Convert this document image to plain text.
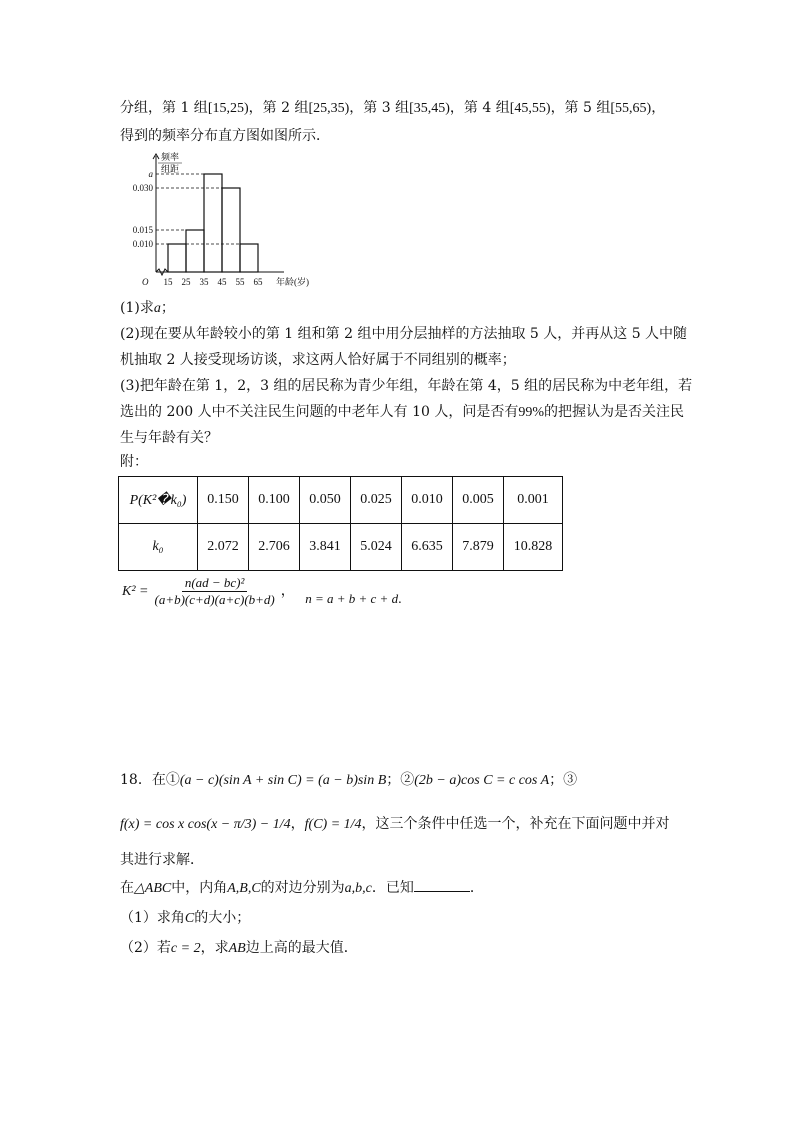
分组，第 1 组[15,25)，第 2 组[25,35)，第 3 组[35,45)，第 4 组[45,55)，第 5 组[55,65)，
得到的频率分布直方图如图所示．
a
0.030
0.015
0.010
15 25 35 45 55 65
O	年龄(岁)
频率
组距
(1)求a；
(2)现在要从年龄较小的第 1 组和第 2 组中用分层抽样的方法抽取 5 人，并再从这 5 人中随
机抽取 2 人接受现场访谈，求这两人恰好属于不同组别的概率；
(3)把年龄在第 1，2，3 组的居民称为青少年组，年龄在第 4，5 组的居民称为中老年组，若
选出的 200 人中不关注民生问题的中老年人有 10 人，问是否有99%的把握认为是否关注民
生与年龄有关？
附：
P(K²�k₀)	0.150	0.100	0.050	0.025	0.010	0.005	0.001
k₀	2.072	2.706	3.841	5.024	6.635	7.879	10.828
$K^2 = \frac{\text{n(ad − bc)²}}{(a+b)(c+d)(a+c)(b+d)}$ ， n = a + b + c + d.
18．在①(a − c)(sin A + sin C) = (a − b)sin B；②(2b − a)cos C = c cos A；③
f(x) = cos x cos(x − π/3) − 1/4，f(C) = 1/4，这三个条件中任选一个，补充在下面问题中并对
其进行求解．
在△ABC中，内角A,B,C的对边分别为a,b,c．已知	．
（1）求角C的大小；
（2）若c = 2，求AB边上高的最大值．
